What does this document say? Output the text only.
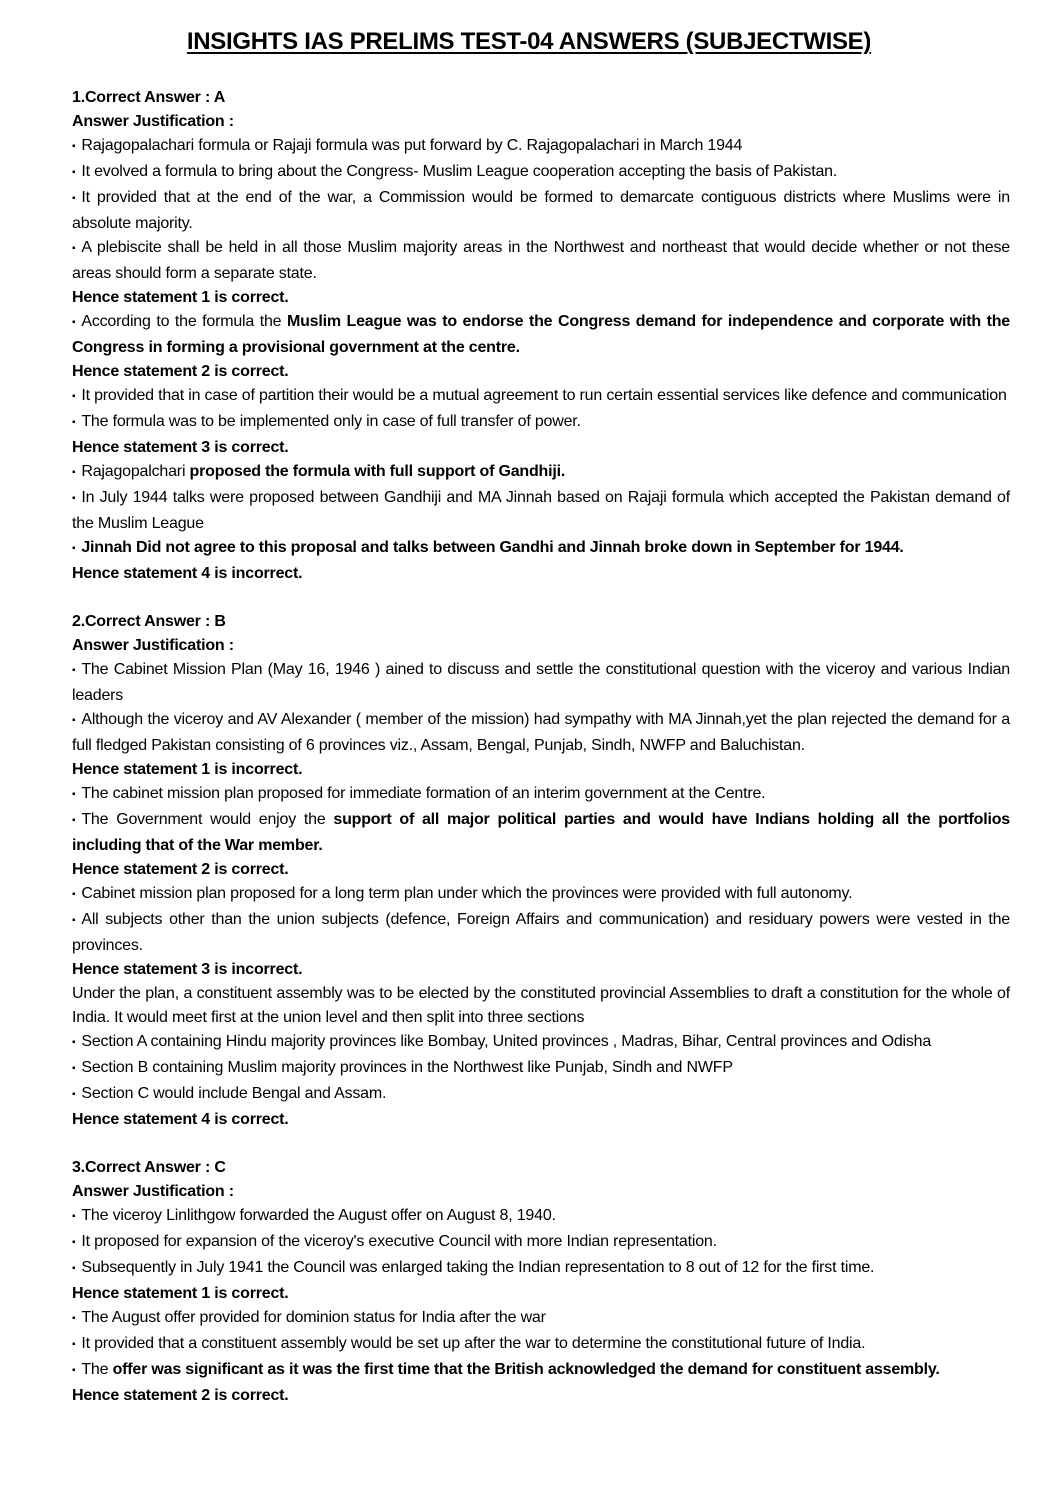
INSIGHTS IAS PRELIMS TEST-04 ANSWERS (SUBJECTWISE)

1.Correct Answer : A

Answer Justification :

▪ Rajagopalachari formula or Rajaji formula was put forward by C. Rajagopalachari in March 1944

▪ It evolved a formula to bring about the Congress- Muslim League cooperation accepting the basis of Pakistan.

▪ It provided that at the end of the war, a Commission would be formed to demarcate contiguous districts where Muslims were in absolute majority.

▪ A plebiscite shall be held in all those Muslim majority areas in the Northwest and northeast that would decide whether or not these areas should form a separate state.

Hence statement 1 is correct.

▪ According to the formula the Muslim League was to endorse the Congress demand for independence and corporate with the Congress in forming a provisional government at the centre.

Hence statement 2 is correct.

▪ It provided that in case of partition their would be a mutual agreement to run certain essential services like defence and communication

▪ The formula was to be implemented only in case of full transfer of power.

Hence statement 3 is correct.

▪ Rajagopalchari proposed the formula with full support of Gandhiji.

▪ In July 1944 talks were proposed between Gandhiji and MA Jinnah based on Rajaji formula which accepted the Pakistan demand of the Muslim League

▪ Jinnah Did not agree to this proposal and talks between Gandhi and Jinnah broke down in September for 1944.

Hence statement 4 is incorrect.

2.Correct Answer : B

Answer Justification :

▪ The Cabinet Mission Plan (May 16, 1946 ) ained to discuss and settle the constitutional question with the viceroy and various Indian leaders

▪ Although the viceroy and AV Alexander ( member of the mission) had sympathy with MA Jinnah,yet the plan rejected the demand for a full fledged Pakistan consisting of 6 provinces viz., Assam, Bengal, Punjab, Sindh, NWFP and Baluchistan.

Hence statement 1 is incorrect.

▪ The cabinet mission plan proposed for immediate formation of an interim government at the Centre.

▪ The Government would enjoy the support of all major political parties and would have Indians holding all the portfolios including that of the War member.

Hence statement 2 is correct.

▪ Cabinet mission plan proposed for a long term plan under which the provinces were provided with full autonomy.

▪ All subjects other than the union subjects (defence, Foreign Affairs and communication) and residuary powers were vested in the provinces.

Hence statement 3 is incorrect.

Under the plan, a constituent assembly was to be elected by the constituted provincial Assemblies to draft a constitution for the whole of India. It would meet first at the union level and then split into three sections

▪ Section A containing Hindu majority provinces like Bombay, United provinces , Madras, Bihar, Central provinces and Odisha

▪ Section B containing Muslim majority provinces in the Northwest like Punjab, Sindh and NWFP

▪ Section C would include Bengal and Assam.

Hence statement 4 is correct.

3.Correct Answer : C

Answer Justification :

▪ The viceroy Linlithgow forwarded the August offer on August 8, 1940.

▪ It proposed for expansion of the viceroy's executive Council with more Indian representation.

▪ Subsequently in July 1941 the Council was enlarged taking the Indian representation to 8 out of 12 for the first time.

Hence statement 1 is correct.

▪ The August offer provided for dominion status for India after the war

▪ It provided that a constituent assembly would be set up after the war to determine the constitutional future of India.

▪ The offer was significant as it was the first time that the British acknowledged the demand for constituent assembly.

Hence statement 2 is correct.
